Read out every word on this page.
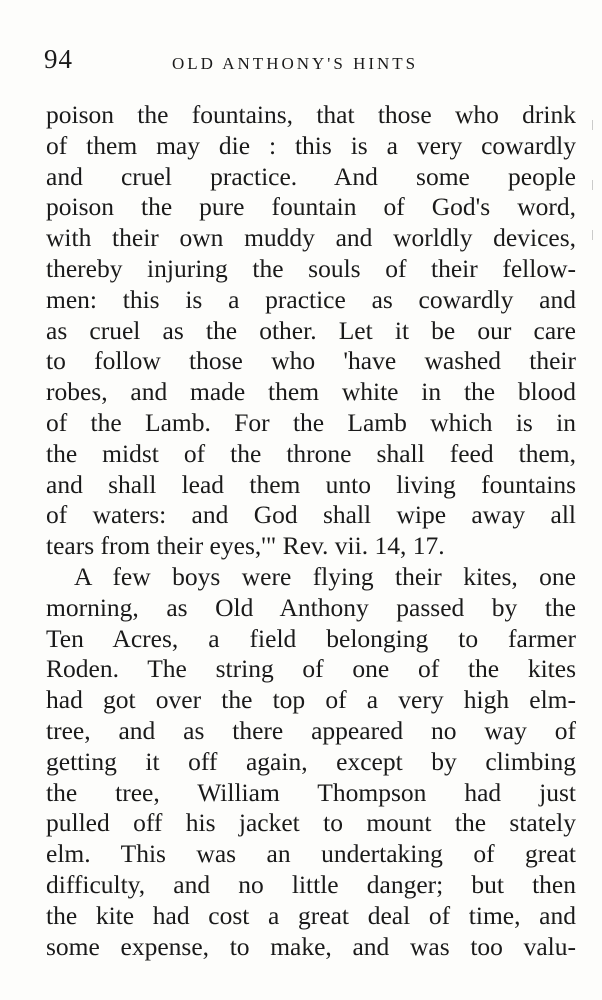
94	OLD ANTHONY'S HINTS
poison the fountains, that those who drink
of them may die : this is a very cowardly
and cruel practice. And some people
poison the pure fountain of God's word,
with their own muddy and worldly devices,
thereby injuring the souls of their fellow-
men: this is a practice as cowardly and
as cruel as the other. Let it be our care
to follow those who 'have washed their
robes, and made them white in the blood
of the Lamb. For the Lamb which is in
the midst of the throne shall feed them,
and shall lead them unto living fountains
of waters: and God shall wipe away all
tears from their eyes,'" Rev. vii. 14, 17.
A few boys were flying their kites, one
morning, as Old Anthony passed by the
Ten Acres, a field belonging to farmer
Roden. The string of one of the kites
had got over the top of a very high elm-
tree, and as there appeared no way of
getting it off again, except by climbing
the tree, William Thompson had just
pulled off his jacket to mount the stately
elm. This was an undertaking of great
difficulty, and no little danger; but then
the kite had cost a great deal of time, and
some expense, to make, and was too valu-
